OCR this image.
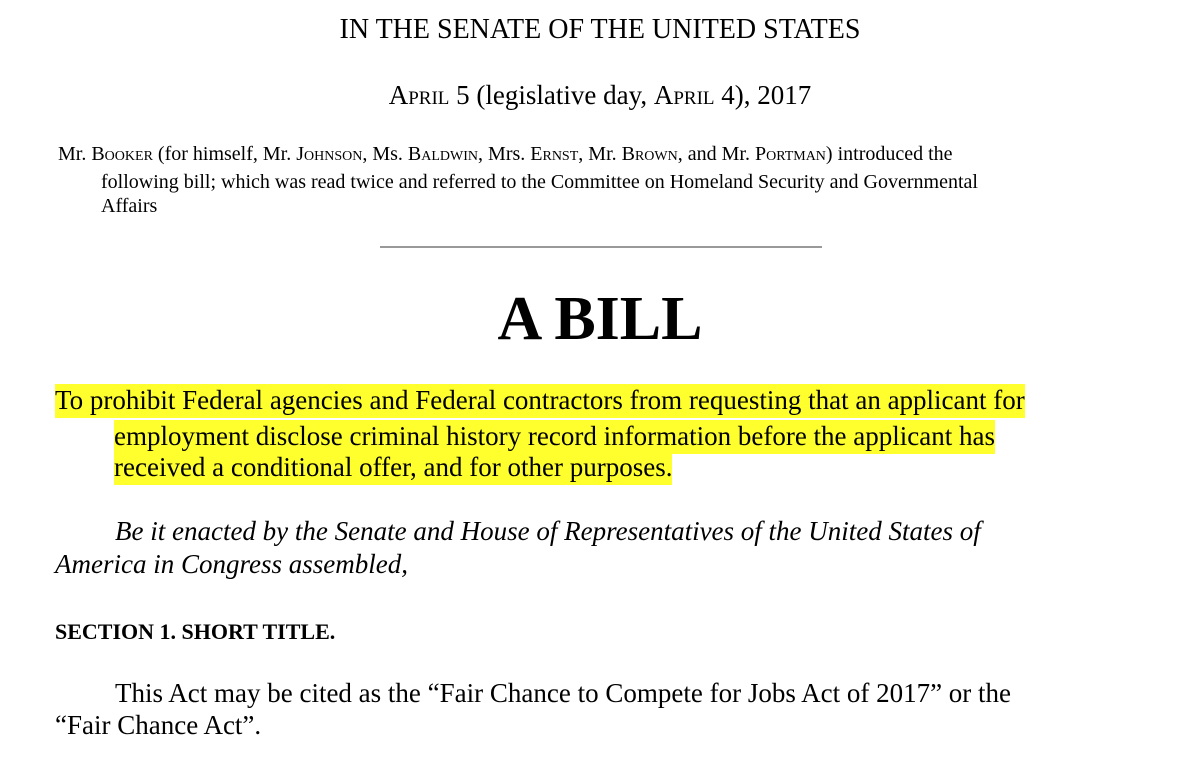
IN THE SENATE OF THE UNITED STATES
April 5 (legislative day, April 4), 2017
Mr. Booker (for himself, Mr. Johnson, Ms. Baldwin, Mrs. Ernst, Mr. Brown, and Mr. Portman) introduced the
following bill; which was read twice and referred to the Committee on Homeland Security and Governmental
Affairs
A BILL
To prohibit Federal agencies and Federal contractors from requesting that an applicant for
employment disclose criminal history record information before the applicant has
received a conditional offer, and for other purposes.
Be it enacted by the Senate and House of Representatives of the United States of
America in Congress assembled,
SECTION 1. SHORT TITLE.
This Act may be cited as the “Fair Chance to Compete for Jobs Act of 2017” or the
“Fair Chance Act”.
